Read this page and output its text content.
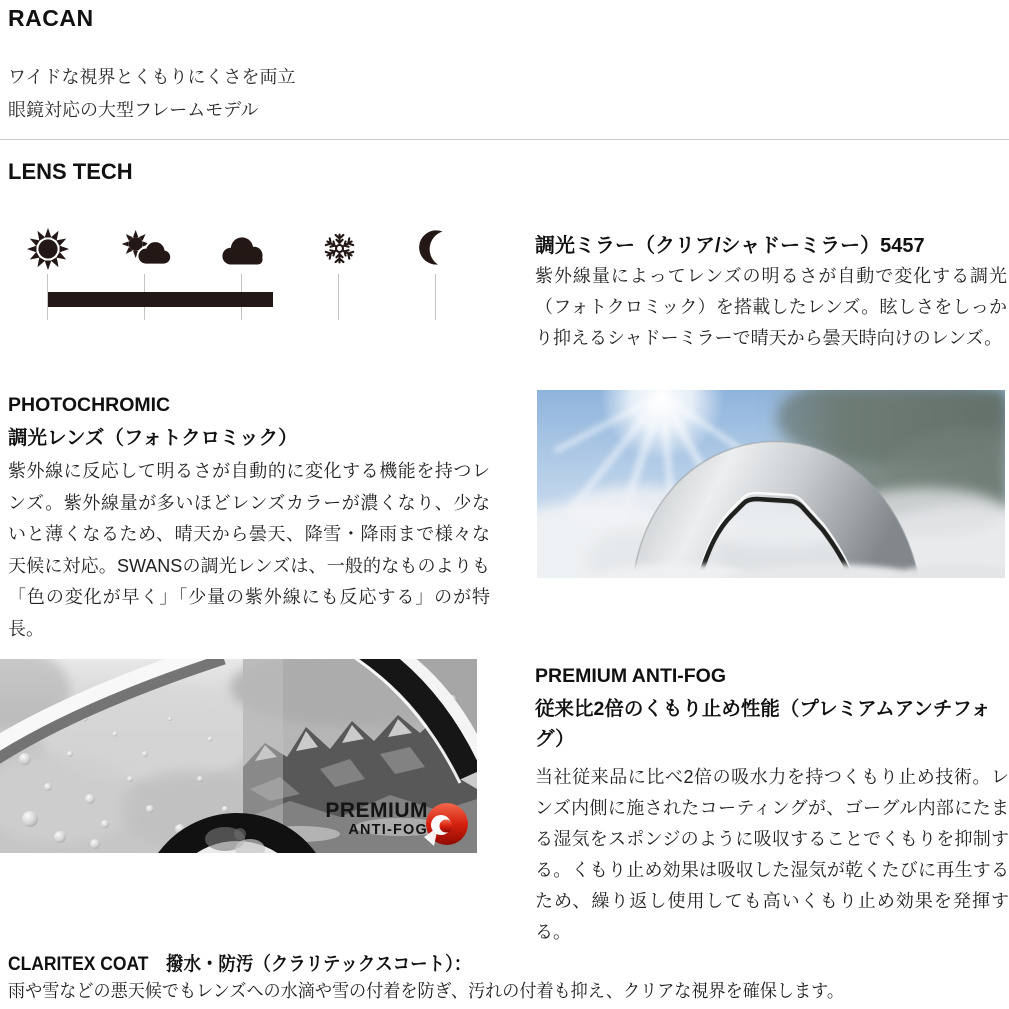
RACAN
ワイドな視界とくもりにくさを両立
眼鏡対応の大型フレームモデル
LENS TECH
調光ミラー（クリア/シャドーミラー）5457
紫外線量によってレンズの明るさが自動で変化する調光（フォトクロミック）を搭載したレンズ。眩しさをしっかり抑えるシャドーミラーで晴天から曇天時向けのレンズ。
PHOTOCHROMIC
調光レンズ（フォトクロミック）
紫外線に反応して明るさが自動的に変化する機能を持つレンズ。紫外線量が多いほどレンズカラーが濃くなり、少ないと薄くなるため、晴天から曇天、降雪・降雨まで様々な天候に対応。SWANSの調光レンズは、一般的なものよりも「色の変化が早く」「少量の紫外線にも反応する」のが特長。
PREMIUM
ANTI-FOG
PREMIUM ANTI-FOG
従来比2倍のくもり止め性能（プレミアムアンチフォグ）
当社従来品に比べ2倍の吸水力を持つくもり止め技術。レンズ内側に施されたコーティングが、ゴーグル内部にたまる湿気をスポンジのように吸収することでくもりを抑制する。くもり止め効果は吸収した湿気が乾くたびに再生するため、繰り返し使用しても高いくもり止め効果を発揮する。
CLARITEX COAT　撥水・防汚（クラリテックスコート）：
雨や雪などの悪天候でもレンズへの水滴や雪の付着を防ぎ、汚れの付着も抑え、クリアな視界を確保します。
